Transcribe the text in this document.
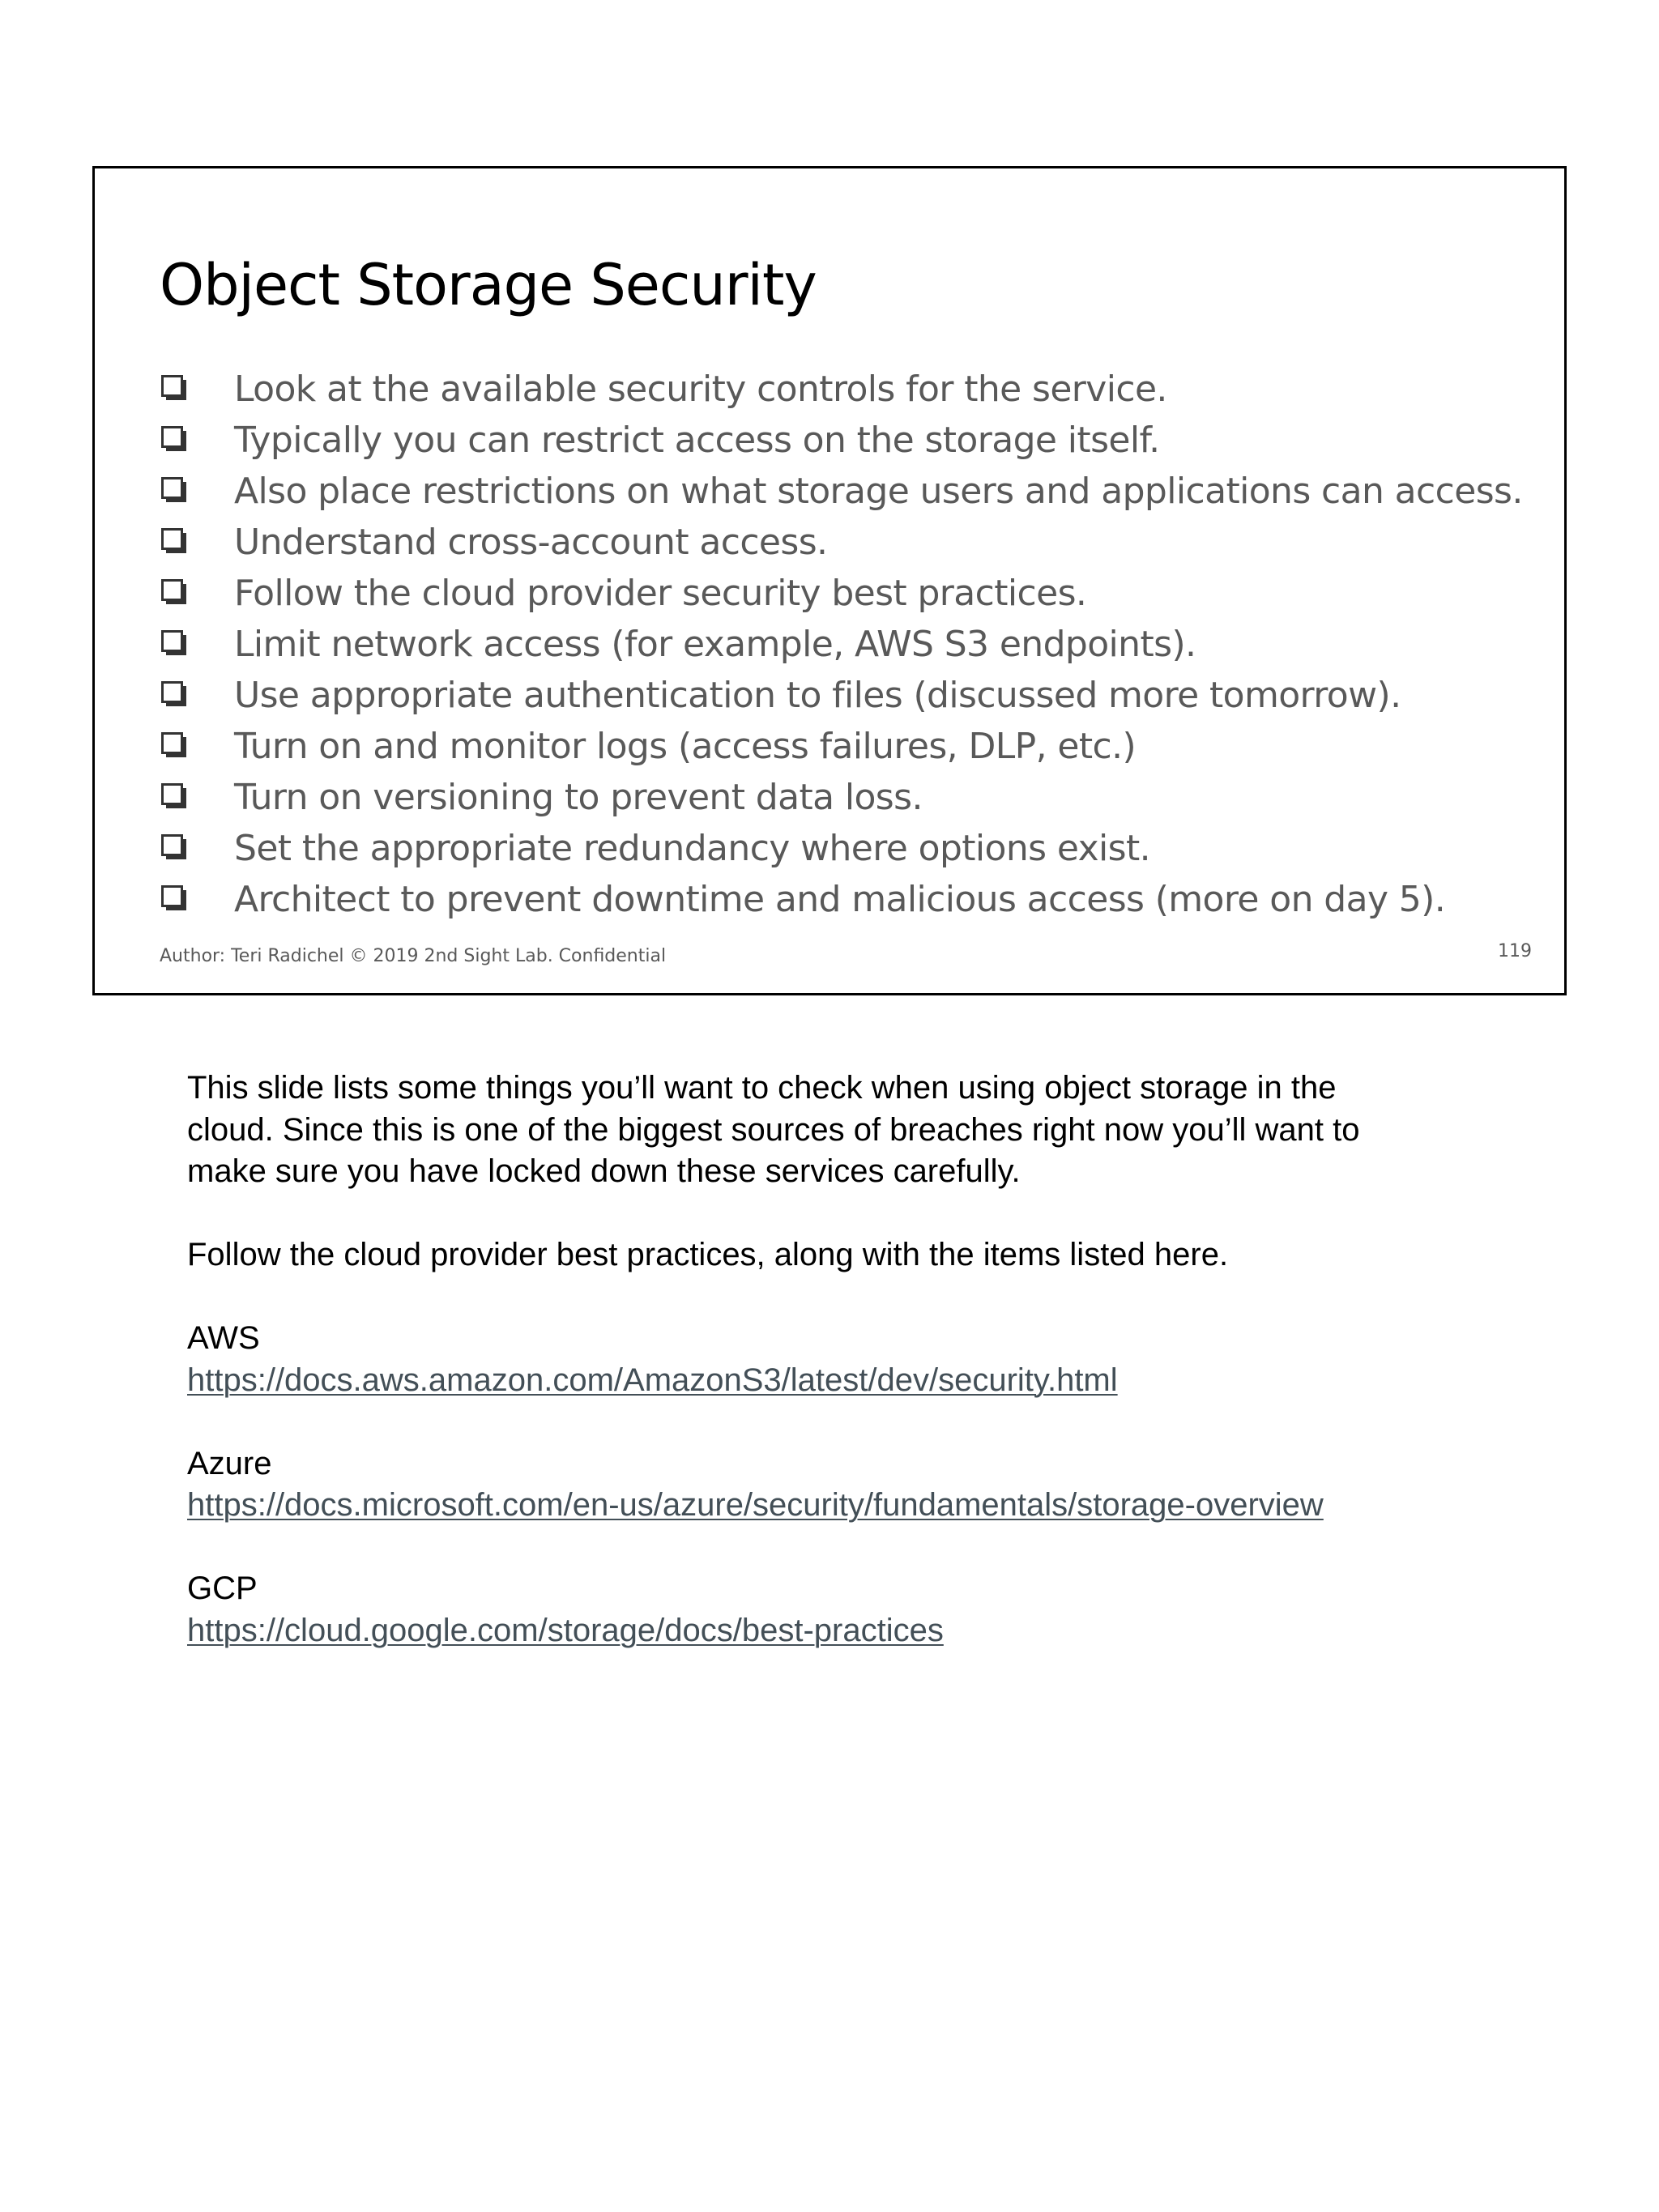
Object Storage Security
Look at the available security controls for the service.
Typically you can restrict access on the storage itself.
Also place restrictions on what storage users and applications can access.
Understand cross-account access.
Follow the cloud provider security best practices.
Limit network access (for example, AWS S3 endpoints).
Use appropriate authentication to files (discussed more tomorrow).
Turn on and monitor logs (access failures, DLP, etc.)
Turn on versioning to prevent data loss.
Set the appropriate redundancy where options exist.
Architect to prevent downtime and malicious access (more on day 5).
Author: Teri Radichel © 2019 2nd Sight Lab. Confidential	119

This slide lists some things you’ll want to check when using object storage in the

cloud. Since this is one of the biggest sources of breaches right now you’ll want to

make sure you have locked down these services carefully.

Follow the cloud provider best practices, along with the items listed here.

AWS

https://docs.aws.amazon.com/AmazonS3/latest/dev/security.html

Azure

https://docs.microsoft.com/en-us/azure/security/fundamentals/storage-overview

GCP

https://cloud.google.com/storage/docs/best-practices
